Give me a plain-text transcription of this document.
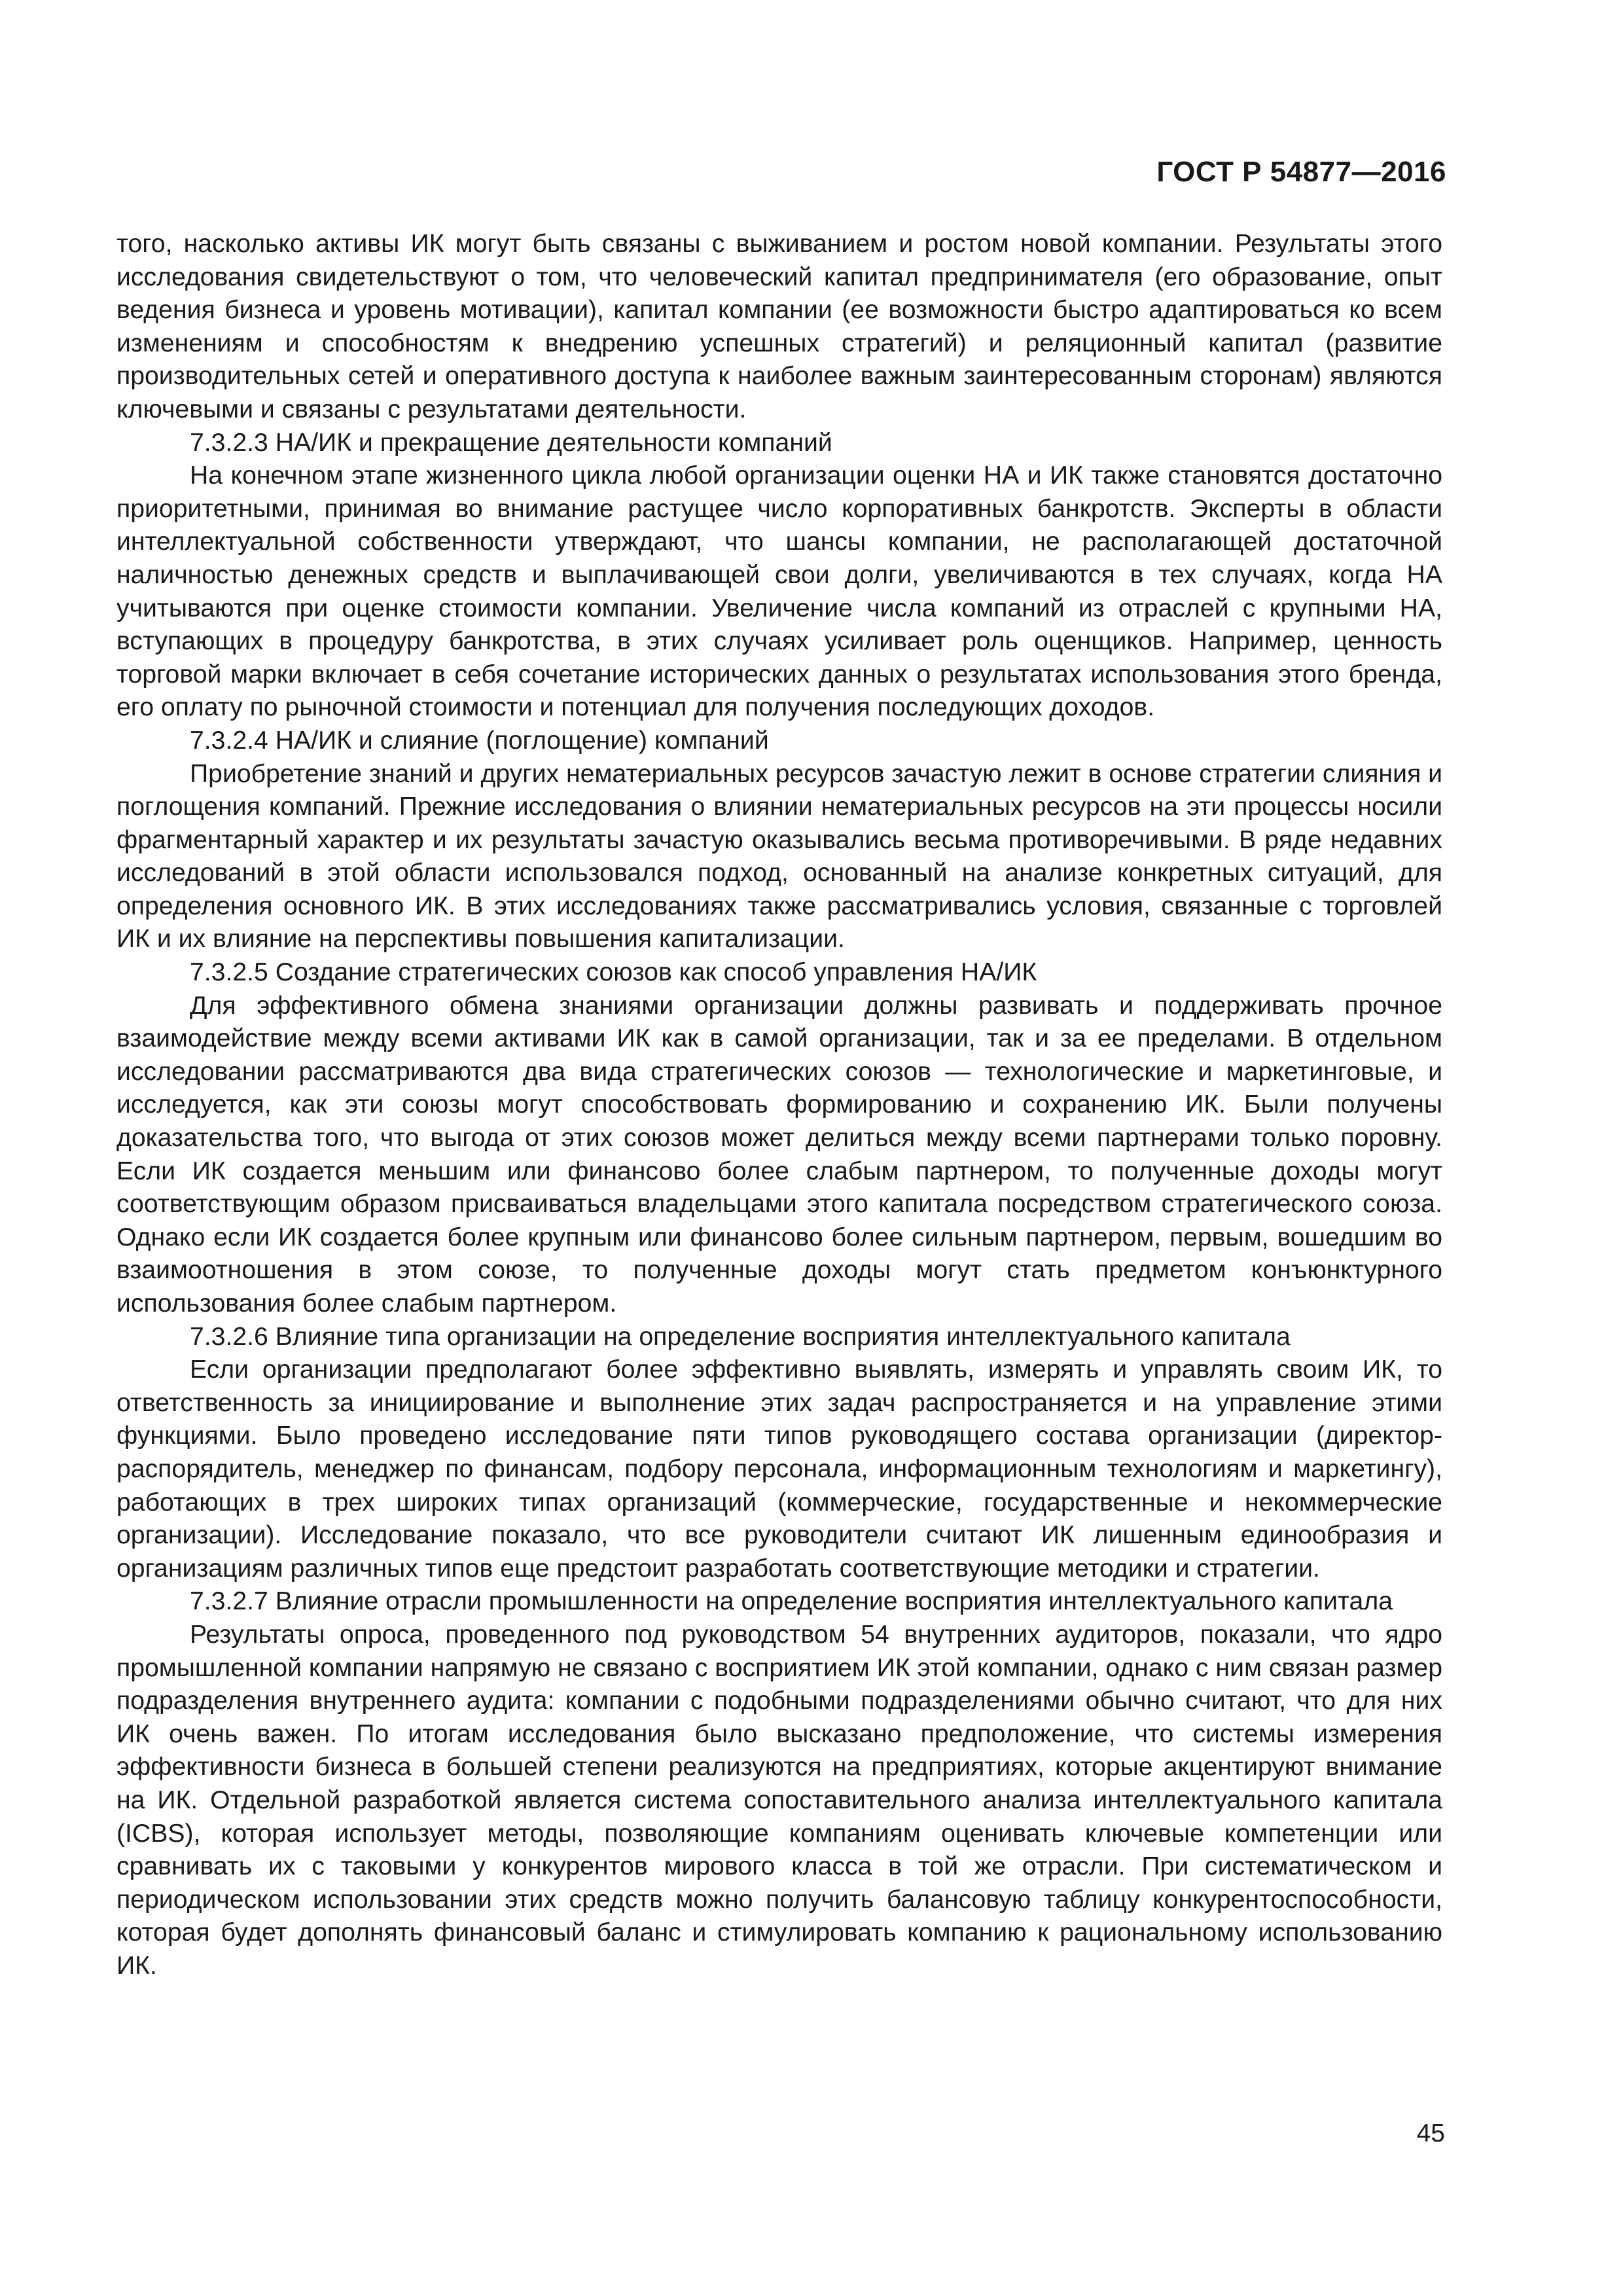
ГОСТ Р 54877—2016

того, насколько активы ИК могут быть связаны с выживанием и ростом новой компании. Результаты этого исследования свидетельствуют о том, что человеческий капитал предпринимателя (его образование, опыт ведения бизнеса и уровень мотивации), капитал компании (ее возможности быстро адаптироваться ко всем изменениям и способностям к внедрению успешных стратегий) и реляционный капитал (развитие производительных сетей и оперативного доступа к наиболее важным заинтересованным сторонам) являются ключевыми и связаны с результатами деятельности.

7.3.2.3 НА/ИК и прекращение деятельности компаний

На конечном этапе жизненного цикла любой организации оценки НА и ИК также становятся достаточно приоритетными, принимая во внимание растущее число корпоративных банкротств. Эксперты в области интеллектуальной собственности утверждают, что шансы компании, не располагающей достаточной наличностью денежных средств и выплачивающей свои долги, увеличиваются в тех случаях, когда НА учитываются при оценке стоимости компании. Увеличение числа компаний из отраслей с крупными НА, вступающих в процедуру банкротства, в этих случаях усиливает роль оценщиков. Например, ценность торговой марки включает в себя сочетание исторических данных о результатах использования этого бренда, его оплату по рыночной стоимости и потенциал для получения последующих доходов.

7.3.2.4 НА/ИК и слияние (поглощение) компаний

Приобретение знаний и других нематериальных ресурсов зачастую лежит в основе стратегии слияния и поглощения компаний. Прежние исследования о влиянии нематериальных ресурсов на эти процессы носили фрагментарный характер и их результаты зачастую оказывались весьма противоречивыми. В ряде недавних исследований в этой области использовался подход, основанный на анализе конкретных ситуаций, для определения основного ИК. В этих исследованиях также рассматривались условия, связанные с торговлей ИК и их влияние на перспективы повышения капитализации.

7.3.2.5 Создание стратегических союзов как способ управления НА/ИК

Для эффективного обмена знаниями организации должны развивать и поддерживать прочное взаимодействие между всеми активами ИК как в самой организации, так и за ее пределами. В отдельном исследовании рассматриваются два вида стратегических союзов — технологические и маркетинговые, и исследуется, как эти союзы могут способствовать формированию и сохранению ИК. Были получены доказательства того, что выгода от этих союзов может делиться между всеми партнерами только поровну. Если ИК создается меньшим или финансово более слабым партнером, то полученные доходы могут соответствующим образом присваиваться владельцами этого капитала посредством стратегического союза. Однако если ИК создается более крупным или финансово более сильным партнером, первым, вошедшим во взаимоотношения в этом союзе, то полученные доходы могут стать предметом конъюнктурного использования более слабым партнером.

7.3.2.6 Влияние типа организации на определение восприятия интеллектуального капитала

Если организации предполагают более эффективно выявлять, измерять и управлять своим ИК, то ответственность за инициирование и выполнение этих задач распространяется и на управление этими функциями. Было проведено исследование пяти типов руководящего состава организации (директор-распорядитель, менеджер по финансам, подбору персонала, информационным технологиям и маркетингу), работающих в трех широких типах организаций (коммерческие, государственные и некоммерческие организации). Исследование показало, что все руководители считают ИК лишенным единообразия и организациям различных типов еще предстоит разработать соответствующие методики и стратегии.

7.3.2.7 Влияние отрасли промышленности на определение восприятия интеллектуального капитала

Результаты опроса, проведенного под руководством 54 внутренних аудиторов, показали, что ядро промышленной компании напрямую не связано с восприятием ИК этой компании, однако с ним связан размер подразделения внутреннего аудита: компании с подобными подразделениями обычно считают, что для них ИК очень важен. По итогам исследования было высказано предположение, что системы измерения эффективности бизнеса в большей степени реализуются на предприятиях, которые акцентируют внимание на ИК. Отдельной разработкой является система сопоставительного анализа интеллектуального капитала (ICBS), которая использует методы, позволяющие компаниям оценивать ключевые компетенции или сравнивать их с таковыми у конкурентов мирового класса в той же отрасли. При систематическом и периодическом использовании этих средств можно получить балансовую таблицу конкурентоспособности, которая будет дополнять финансовый баланс и стимулировать компанию к рациональному использованию ИК.

45
